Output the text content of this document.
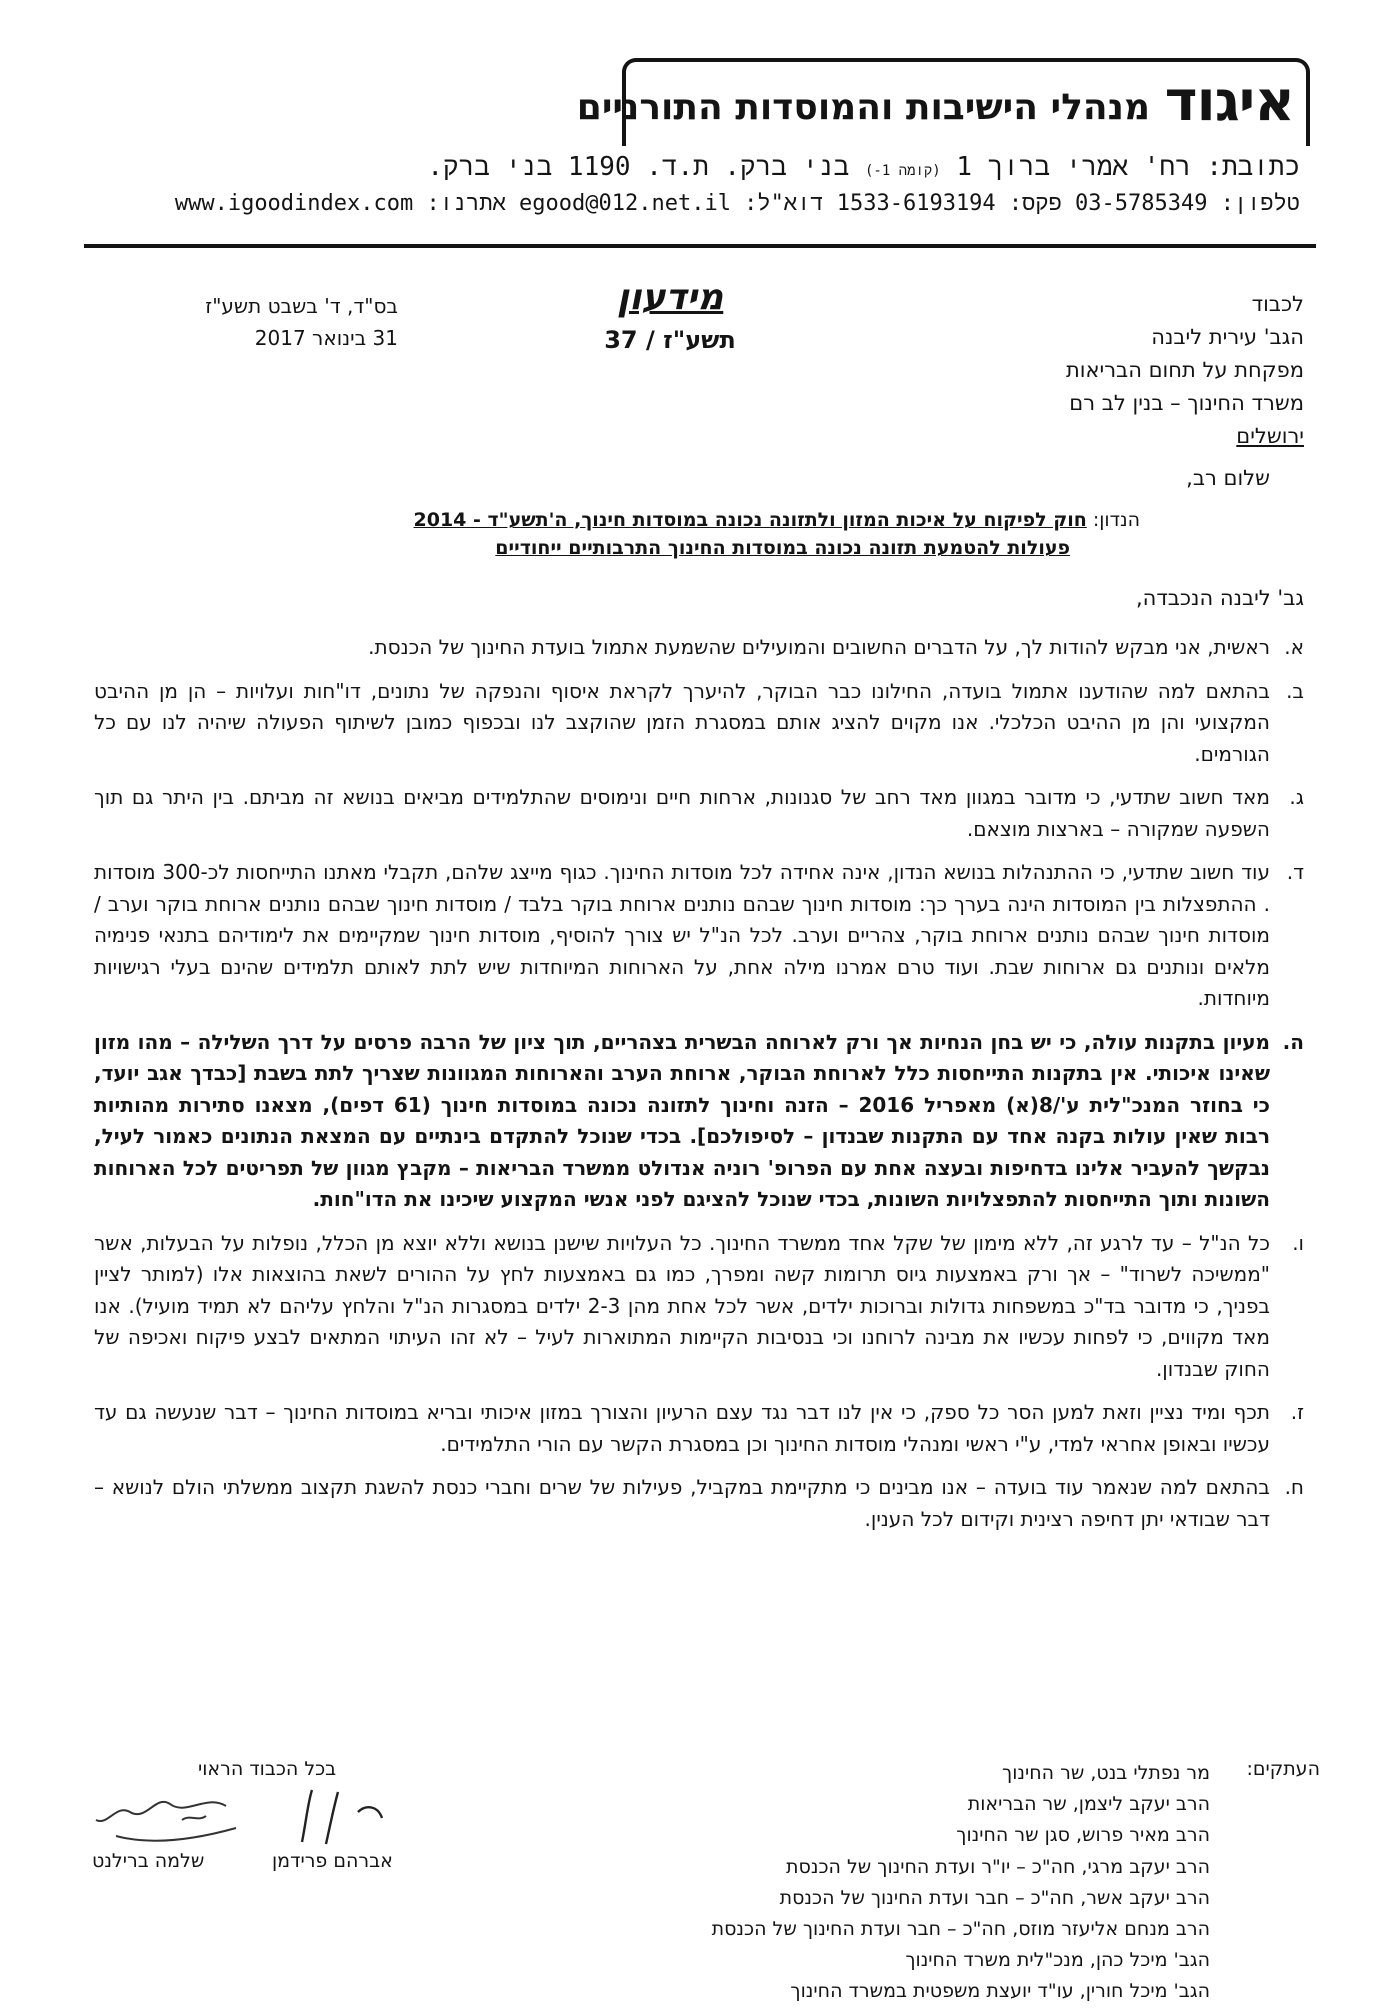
איגוד
מנהלי הישיבות והמוסדות התורניים
כתובת: רח' אמרי ברוך 1 (קומה 1-) בני ברק. ת.ד. 1190 בני ברק.
טלפון: 03-5785349 פקס: 1533-6193194 דוא"ל: egood@012.net.il אתרנו: www.igoodindex.com
בס"ד, ד' בשבט תשע"ז
31 בינואר 2017
מידעון
תשע"ז / 37
לכבוד
הגב' עירית ליבנה
מפקחת על תחום הבריאות
משרד החינוך – בנין לב רם
ירושלים
שלום רב,
הנדון: חוק לפיקוח על איכות המזון ולתזונה נכונה במוסדות חינוך, ה'תשע"ד - 2014
פעולות להטמעת תזונה נכונה במוסדות החינוך התרבותיים ייחודיים
גב' ליבנה הנכבדה,
א.
ראשית, אני מבקש להודות לך, על הדברים החשובים והמועילים שהשמעת אתמול בועדת החינוך של הכנסת.
ב.
בהתאם למה שהודענו אתמול בועדה, החילונו כבר הבוקר, להיערך לקראת איסוף והנפקה של נתונים, דו"חות ועלויות – הן מן ההיבט המקצועי והן מן ההיבט הכלכלי. אנו מקוים להציג אותם במסגרת הזמן שהוקצב לנו ובכפוף כמובן לשיתוף הפעולה שיהיה לנו עם כל הגורמים.
ג.
מאד חשוב שתדעי, כי מדובר במגוון מאד רחב של סגנונות, ארחות חיים ונימוסים שהתלמידים מביאים בנושא זה מביתם. בין היתר גם תוך השפעה שמקורה – בארצות מוצאם.
ד.
עוד חשוב שתדעי, כי ההתנהלות בנושא הנדון, אינה אחידה לכל מוסדות החינוך. כגוף מייצג שלהם, תקבלי מאתנו התייחסות לכ-300 מוסדות . ההתפצלות בין המוסדות הינה בערך כך: מוסדות חינוך שבהם נותנים ארוחת בוקר בלבד / מוסדות חינוך שבהם נותנים ארוחת בוקר וערב / מוסדות חינוך שבהם נותנים ארוחת בוקר, צהריים וערב. לכל הנ"ל יש צורך להוסיף, מוסדות חינוך שמקיימים את לימודיהם בתנאי פנימיה מלאים ונותנים גם ארוחות שבת. ועוד טרם אמרנו מילה אחת, על הארוחות המיוחדות שיש לתת לאותם תלמידים שהינם בעלי רגישויות מיוחדות.
ה.
מעיון בתקנות עולה, כי יש בחן הנחיות אך ורק לארוחה הבשרית בצהריים, תוך ציון של הרבה פרסים על דרך השלילה – מהו מזון שאינו איכותי. אין בתקנות התייחסות כלל לארוחת הבוקר, ארוחת הערב והארוחות המגוונות שצריך לתת בשבת [כבדך אגב יועד, כי בחוזר המנכ"לית ע'/8(א) מאפריל 2016 – הזנה וחינוך לתזונה נכונה במוסדות חינוך (61 דפים), מצאנו סתירות מהותיות רבות שאין עולות בקנה אחד עם התקנות שבנדון – לסיפולכם]. בכדי שנוכל להתקדם בינתיים עם המצאת הנתונים כאמור לעיל, נבקשך להעביר אלינו בדחיפות ובעצה אחת עם הפרופ' רוניה אנדולט ממשרד הבריאות – מקבץ מגוון של תפריטים לכל הארוחות השונות ותוך התייחסות להתפצלויות השונות, בכדי שנוכל להציגם לפני אנשי המקצוע שיכינו את הדו"חות.
ו.
כל הנ"ל – עד לרגע זה, ללא מימון של שקל אחד ממשרד החינוך. כל העלויות שישנן בנושא וללא יוצא מן הכלל, נופלות על הבעלות, אשר "ממשיכה לשרוד" – אך ורק באמצעות גיוס תרומות קשה ומפרך, כמו גם באמצעות לחץ על ההורים לשאת בהוצאות אלו (למותר לציין בפניך, כי מדובר בד"כ במשפחות גדולות וברוכות ילדים, אשר לכל אחת מהן 2-3 ילדים במסגרות הנ"ל והלחץ עליהם לא תמיד מועיל). אנו מאד מקווים, כי לפחות עכשיו את מבינה לרוחנו וכי בנסיבות הקיימות המתוארות לעיל – לא זהו העיתוי המתאים לבצע פיקוח ואכיפה של החוק שבנדון.
ז.
תכף ומיד נציין וזאת למען הסר כל ספק, כי אין לנו דבר נגד עצם הרעיון והצורך במזון איכותי ובריא במוסדות החינוך – דבר שנעשה גם עד עכשיו ובאופן אחראי למדי, ע"י ראשי ומנהלי מוסדות החינוך וכן במסגרת הקשר עם הורי התלמידים.
ח.
בהתאם למה שנאמר עוד בועדה – אנו מבינים כי מתקיימת במקביל, פעילות של שרים וחברי כנסת להשגת תקצוב ממשלתי הולם לנושא – דבר שבודאי יתן דחיפה רצינית וקידום לכל הענין.
בכל הכבוד הראוי
אברהם פרידמן
שלמה ברילנט
העתקים:
מר נפתלי בנט, שר החינוך
הרב יעקב ליצמן, שר הבריאות
הרב מאיר פרוש, סגן שר החינוך
הרב יעקב מרגי, חה"כ – יו"ר ועדת החינוך של הכנסת
הרב יעקב אשר, חה"כ – חבר ועדת החינוך של הכנסת
הרב מנחם אליעזר מוזס, חה"כ – חבר ועדת החינוך של הכנסת
הגב' מיכל כהן, מנכ"לית משרד החינוך
הגב' מיכל חורין, עו"ד יועצת משפטית במשרד החינוך
